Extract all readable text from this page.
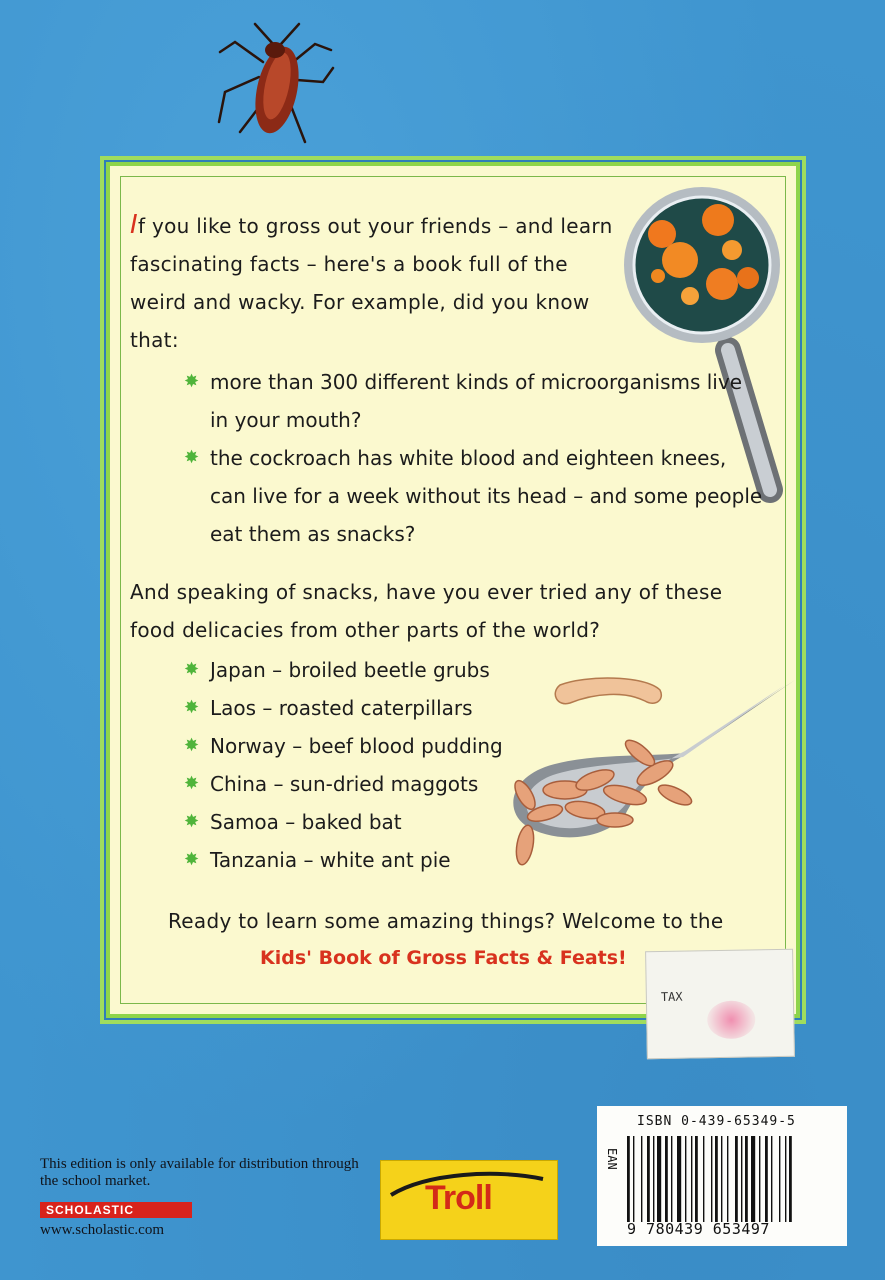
If you like to gross out your friends – and learn fascinating facts – here's a book full of the weird and wacky. For example, did you know that:
✸ more than 300 different kinds of microorganisms live in your mouth?
✸ the cockroach has white blood and eighteen knees, can live for a week without its head – and some people eat them as snacks?
And speaking of snacks, have you ever tried any of these food delicacies from other parts of the world?
✸ Japan – broiled beetle grubs
✸ Laos – roasted caterpillars
✸ Norway – beef blood pudding
✸ China – sun-dried maggots
✸ Samoa – baked bat
✸ Tanzania – white ant pie
Ready to learn some amazing things? Welcome to the
Kids' Book of Gross Facts & Feats!
TAX
ISBN 0-439-65349-5
EAN
9 780439 653497
This edition is only available for distribution through the school market.
SCHOLASTIC
www.scholastic.com
Troll
